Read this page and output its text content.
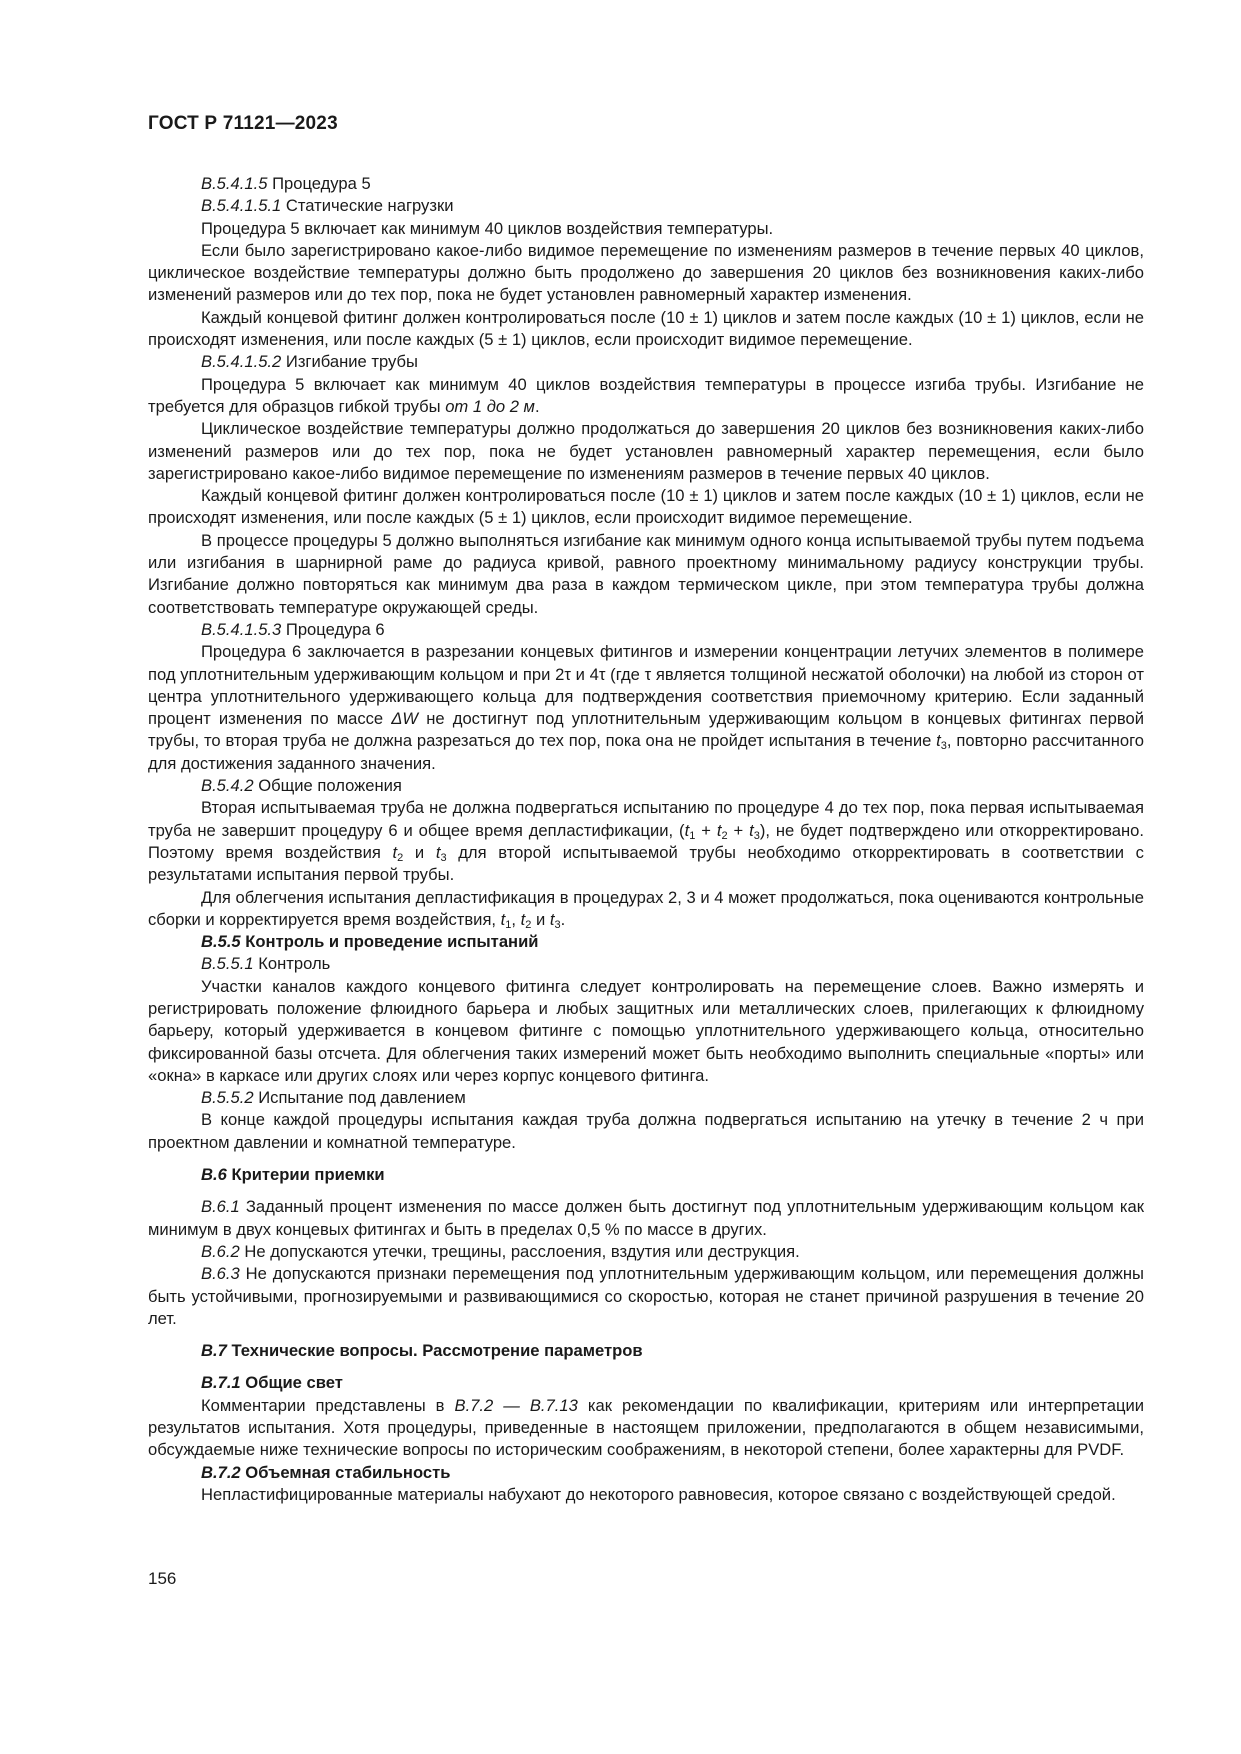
ГОСТ Р 71121—2023

В.5.4.1.5 Процедура 5

В.5.4.1.5.1 Статические нагрузки

Процедура 5 включает как минимум 40 циклов воздействия температуры.

Если было зарегистрировано какое-либо видимое перемещение по изменениям размеров в течение первых 40 циклов, циклическое воздействие температуры должно быть продолжено до завершения 20 циклов без возникновения каких-либо изменений размеров или до тех пор, пока не будет установлен равномерный характер изменения.

Каждый концевой фитинг должен контролироваться после (10 ± 1) циклов и затем после каждых (10 ± 1) циклов, если не происходят изменения, или после каждых (5 ± 1) циклов, если происходит видимое перемещение.

В.5.4.1.5.2 Изгибание трубы

Процедура 5 включает как минимум 40 циклов воздействия температуры в процессе изгиба трубы. Изгибание не требуется для образцов гибкой трубы от 1 до 2 м.

Циклическое воздействие температуры должно продолжаться до завершения 20 циклов без возникновения каких-либо изменений размеров или до тех пор, пока не будет установлен равномерный характер перемещения, если было зарегистрировано какое-либо видимое перемещение по изменениям размеров в течение первых 40 циклов.

Каждый концевой фитинг должен контролироваться после (10 ± 1) циклов и затем после каждых (10 ± 1) циклов, если не происходят изменения, или после каждых (5 ± 1) циклов, если происходит видимое перемещение.

В процессе процедуры 5 должно выполняться изгибание как минимум одного конца испытываемой трубы путем подъема или изгибания в шарнирной раме до радиуса кривой, равного проектному минимальному радиусу конструкции трубы. Изгибание должно повторяться как минимум два раза в каждом термическом цикле, при этом температура трубы должна соответствовать температуре окружающей среды.

В.5.4.1.5.3 Процедура 6

Процедура 6 заключается в разрезании концевых фитингов и измерении концентрации летучих элементов в полимере под уплотнительным удерживающим кольцом и при 2τ и 4τ (где τ является толщиной несжатой оболочки) на любой из сторон от центра уплотнительного удерживающего кольца для подтверждения соответствия приемочному критерию. Если заданный процент изменения по массе ΔW не достигнут под уплотнительным удерживающим кольцом в концевых фитингах первой трубы, то вторая труба не должна разрезаться до тех пор, пока она не пройдет испытания в течение $t_3$, повторно рассчитанного для достижения заданного значения.

В.5.4.2 Общие положения

Вторая испытываемая труба не должна подвергаться испытанию по процедуре 4 до тех пор, пока первая испытываемая труба не завершит процедуру 6 и общее время депластификации, $(t_1 + t_2 + t_3)$, не будет подтверждено или откорректировано. Поэтому время воздействия $t_2$ и $t_3$ для второй испытываемой трубы необходимо откорректировать в соответствии с результатами испытания первой трубы.

Для облегчения испытания депластификация в процедурах 2, 3 и 4 может продолжаться, пока оцениваются контрольные сборки и корректируется время воздействия, $t_1$, $t_2$ и $t_3$.

В.5.5 Контроль и проведение испытаний

В.5.5.1 Контроль

Участки каналов каждого концевого фитинга следует контролировать на перемещение слоев. Важно измерять и регистрировать положение флюидного барьера и любых защитных или металлических слоев, прилегающих к флюидному барьеру, который удерживается в концевом фитинге с помощью уплотнительного удерживающего кольца, относительно фиксированной базы отсчета. Для облегчения таких измерений может быть необходимо выполнить специальные «порты» или «окна» в каркасе или других слоях или через корпус концевого фитинга.

В.5.5.2 Испытание под давлением

В конце каждой процедуры испытания каждая труба должна подвергаться испытанию на утечку в течение 2 ч при проектном давлении и комнатной температуре.

В.6 Критерии приемки

В.6.1 Заданный процент изменения по массе должен быть достигнут под уплотнительным удерживающим кольцом как минимум в двух концевых фитингах и быть в пределах 0,5 % по массе в других.

В.6.2 Не допускаются утечки, трещины, расслоения, вздутия или деструкция.

В.6.3 Не допускаются признаки перемещения под уплотнительным удерживающим кольцом, или перемещения должны быть устойчивыми, прогнозируемыми и развивающимися со скоростью, которая не станет причиной разрушения в течение 20 лет.

В.7 Технические вопросы. Рассмотрение параметров

В.7.1 Общие свет

Комментарии представлены в В.7.2 — В.7.13 как рекомендации по квалификации, критериям или интерпретации результатов испытания. Хотя процедуры, приведенные в настоящем приложении, предполагаются в общем независимыми, обсуждаемые ниже технические вопросы по историческим соображениям, в некоторой степени, более характерны для PVDF.

В.7.2 Объемная стабильность

Непластифицированные материалы набухают до некоторого равновесия, которое связано с воздействующей средой.

156
